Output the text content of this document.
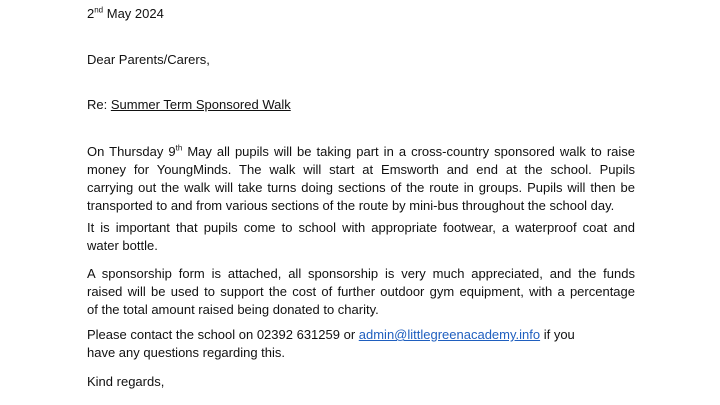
2nd May 2024
Dear Parents/Carers,
Re: Summer Term Sponsored Walk
On Thursday 9th May all pupils will be taking part in a cross-country sponsored walk to raise
money for YoungMinds. The walk will start at Emsworth and end at the school. Pupils
carrying out the walk will take turns doing sections of the route in groups. Pupils will then be
transported to and from various sections of the route by mini-bus throughout the school day.
It is important that pupils come to school with appropriate footwear, a waterproof coat and
water bottle.
A sponsorship form is attached, all sponsorship is very much appreciated, and the funds
raised will be used to support the cost of further outdoor gym equipment, with a percentage
of the total amount raised being donated to charity.
Please contact the school on 02392 631259 or admin@littlegreenacademy.info if you
have any questions regarding this.
Kind regards,
